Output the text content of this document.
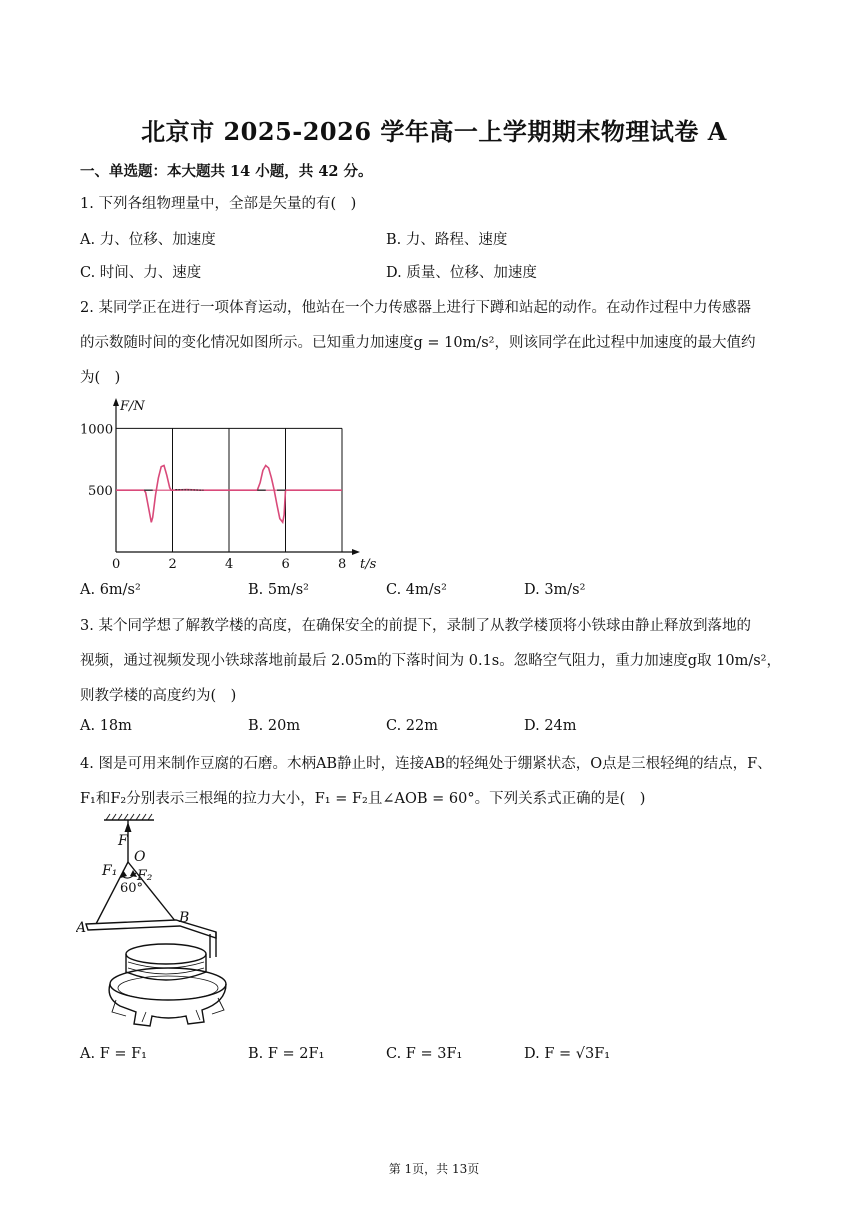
北京市 2025-2026 学年高一上学期期末物理试卷 A
一、单选题：本大题共 14 小题，共 42 分。
1. 下列各组物理量中，全部是矢量的有(　)
A. 力、位移、加速度	B. 力、路程、速度
C. 时间、力、速度	D. 质量、位移、加速度
2. 某同学正在进行一项体育运动，他站在一个力传感器上进行下蹲和站起的动作。在动作过程中力传感器
的示数随时间的变化情况如图所示。已知重力加速度g = 10m/s²，则该同学在此过程中加速度的最大值约
为(　)
0	2	4	6	8
500
1000
F/N
t/s
A. 6m/s²	B. 5m/s²	C. 4m/s²	D. 3m/s²
3. 某个同学想了解教学楼的高度，在确保安全的前提下，录制了从教学楼顶将小铁球由静止释放到落地的
视频，通过视频发现小铁球落地前最后 2.05m的下落时间为 0.1s。忽略空气阻力，重力加速度g取 10m/s²，
则教学楼的高度约为(　)
A. 18m	B. 20m	C. 22m	D. 24m
4. 图是可用来制作豆腐的石磨。木柄AB静止时，连接AB的轻绳处于绷紧状态，O点是三根轻绳的结点，F、
F₁和F₂分别表示三根绳的拉力大小，F₁ = F₂且∠AOB = 60°。下列关系式正确的是(　)
F
O
F₁ F₂
A
B
60°
A. F = F₁	B. F = 2F₁	C. F = 3F₁	D. F = √3F₁
第 1页，共 13页
